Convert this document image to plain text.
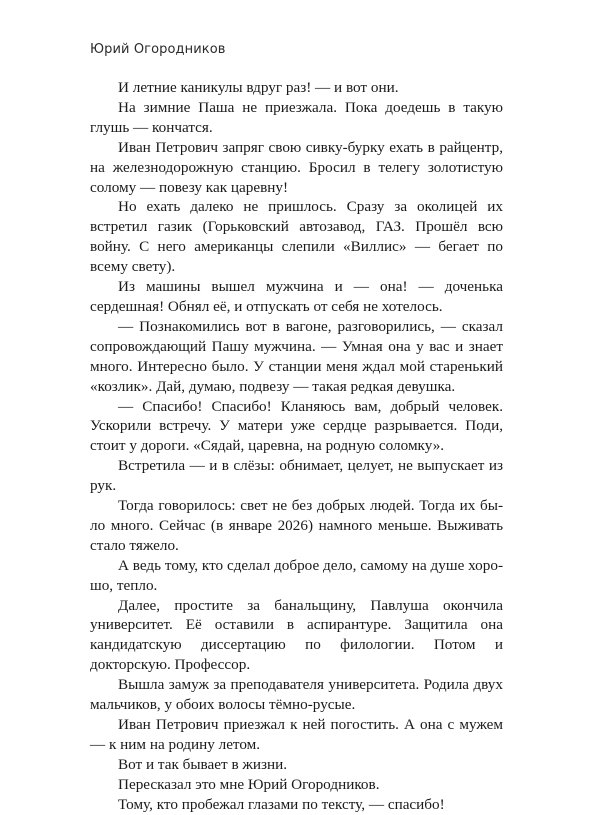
Юрий Огородников

И летние каникулы вдруг раз! — и вот они.

На зимние Паша не приезжала. Пока доедешь в такую глушь — кончатся.

Иван Петрович запряг свою сивку-бурку ехать в райцентр, на железнодорожную станцию. Бросил в телегу золотистую солому — повезу как царевну!

Но ехать далеко не пришлось. Сразу за околицей их встретил газик (Горьковский автозавод, ГАЗ. Прошёл всю войну. С него американцы слепили «Виллис» — бегает по всему свету).

Из машины вышел мужчина и — она! — доченька сердешная! Обнял её, и отпускать от себя не хотелось.

— Познакомились вот в вагоне, разговорились, — сказал сопровождающий Пашу мужчина. — Умная она у вас и знает много. Интересно было. У станции меня ждал мой старенький «козлик». Дай, думаю, подвезу — такая редкая девушка.

— Спасибо! Спасибо! Кланяюсь вам, добрый человек. Ускорили встречу. У матери уже сердце разрывается. Поди, стоит у дороги. «Сядай, царевна, на родную соломку».

Встретила — и в слёзы: обнимает, целует, не выпускает из рук.

Тогда говорилось: свет не без добрых людей. Тогда их было много. Сейчас (в январе 2026) намного меньше. Выживать стало тяжело.

А ведь тому, кто сделал доброе дело, самому на душе хорошо, тепло.

Далее, простите за банальщину, Павлуша окончила университет. Её оставили в аспирантуре. Защитила она кандидатскую диссертацию по филологии. Потом и докторскую. Профессор.

Вышла замуж за преподавателя университета. Родила двух мальчиков, у обоих волосы тёмно-русые.

Иван Петрович приезжал к ней погостить. А она с мужем — к ним на родину летом.

Вот и так бывает в жизни.

Пересказал это мне Юрий Огородников.

Тому, кто пробежал глазами по тексту, — спасибо!
